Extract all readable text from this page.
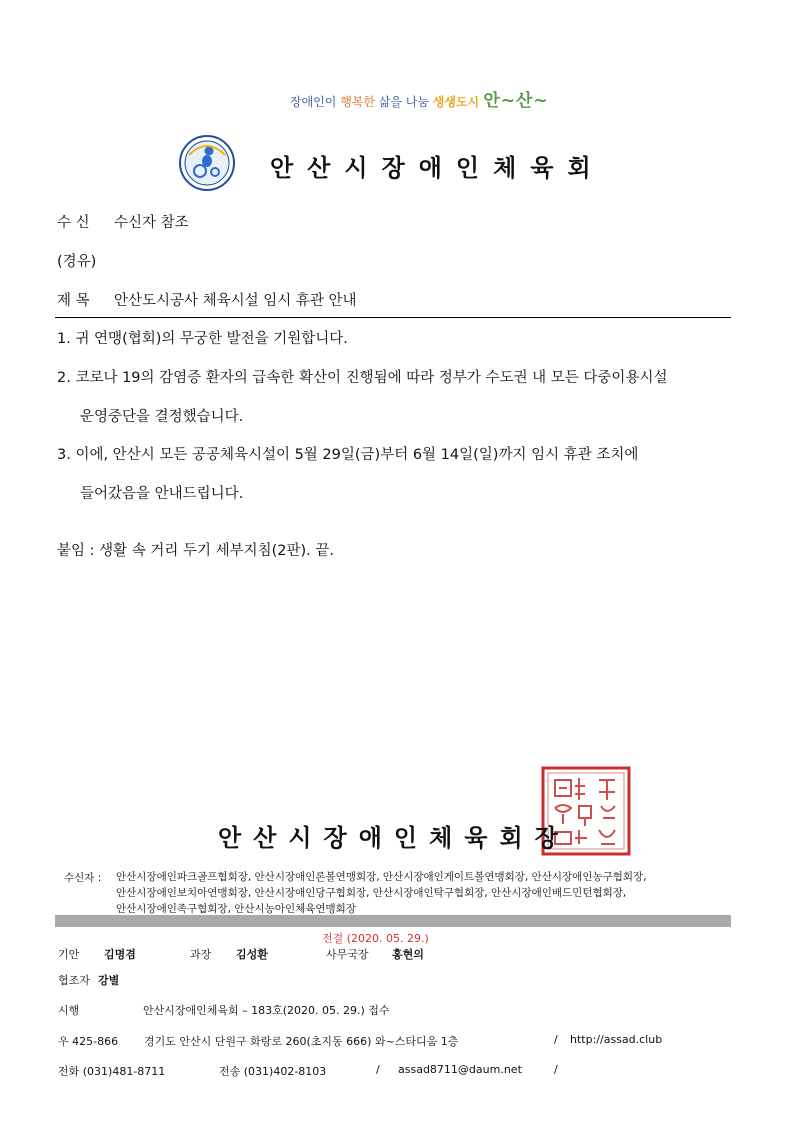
장애인이 행복한 삶을 나눔 생생도시 안~산~
안산시장애인체육회
수 신 수신자 참조
(경유)
제 목 안산도시공사 체육시설 임시 휴관 안내
1. 귀 연맹(협회)의 무궁한 발전을 기원합니다.
2. 코로나 19의 감염증 환자의 급속한 확산이 진행됨에 따라 정부가 수도권 내 모든 다중이용시설
운영중단을 결정했습니다.
3. 이에, 안산시 모든 공공체육시설이 5월 29일(금)부터 6월 14일(일)까지 임시 휴관 조치에
들어갔음을 안내드립니다.
붙임 : 생활 속 거리 두기 세부지침(2판). 끝.
안산시장애인체육회장
수신자 : 안산시장애인파크골프협회장, 안산시장애인론볼연맹회장, 안산시장애인게이트볼연맹회장, 안산시장애인농구협회장,
안산시장애인보치아연맹회장, 안산시장애인당구협회장, 안산시장애인탁구협회장, 안산시장애인배드민턴협회장,
안산시장애인족구협회장, 안산시농아인체육연맹회장
전결 (2020. 05. 29.)
기안 김명겸	과장 김성환	사무국장 홍현의
협조자 강별
시행	안산시장애인체육회 – 183호(2020. 05. 29.) 접수
우 425-866 경기도 안산시 단원구 화랑로 260(초지동 666) 와~스타디움 1층	/ http://assad.club
전화 (031)481-8711	전송 (031)402-8103	/ assad8711@daum.net	/
